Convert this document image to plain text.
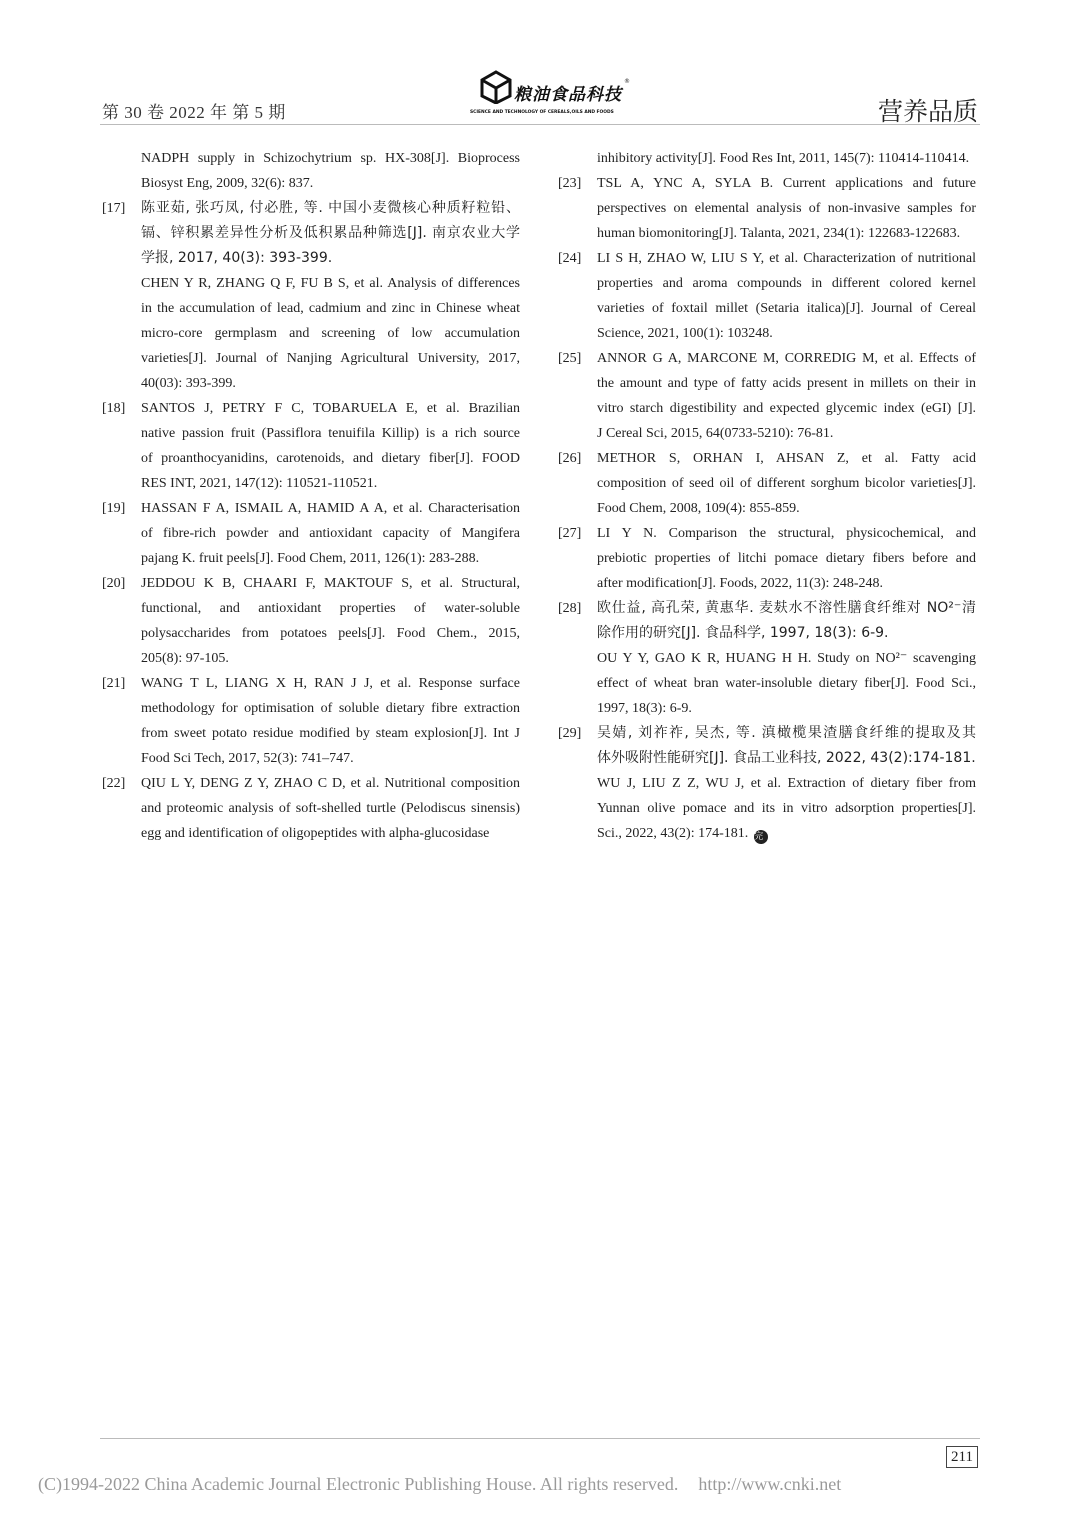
第 30 卷 2022 年 第 5 期
粮油食品科技
®
SCIENCE AND TECHNOLOGY OF CEREALS,OILS AND FOODS	营养品质
NADPH supply in Schizochytrium sp. HX-308[J]. Bioprocess
Biosyst Eng, 2009, 32(6): 837.
[17] 陈亚茹, 张巧凤, 付必胜, 等. 中国小麦微核心种质籽粒铅、
镉、锌积累差异性分析及低积累品种筛选[J]. 南京农业大学
学报, 2017, 40(3): 393-399.
CHEN Y R, ZHANG Q F, FU B S, et al. Analysis of differences
in the accumulation of lead, cadmium and zinc in Chinese wheat
micro-core germplasm and screening of low accumulation
varieties[J]. Journal of Nanjing Agricultural University, 2017,
40(03): 393-399.
[18] SANTOS J, PETRY F C, TOBARUELA E, et al. Brazilian
native passion fruit (Passiflora tenuifila Killip) is a rich source
of proanthocyanidins, carotenoids, and dietary fiber[J]. FOOD
RES INT, 2021, 147(12): 110521-110521.
[19] HASSAN F A, ISMAIL A, HAMID A A, et al. Characterisation
of fibre-rich powder and antioxidant capacity of Mangifera
pajang K. fruit peels[J]. Food Chem, 2011, 126(1): 283-288.
[20] JEDDOU K B, CHAARI F, MAKTOUF S, et al. Structural,
functional, and antioxidant properties of water-soluble
polysaccharides from potatoes peels[J]. Food Chem., 2015,
205(8): 97-105.
[21] WANG T L, LIANG X H, RAN J J, et al. Response surface
methodology for optimisation of soluble dietary fibre extraction
from sweet potato residue modified by steam explosion[J]. Int J
Food Sci Tech, 2017, 52(3): 741–747.
[22] QIU L Y, DENG Z Y, ZHAO C D, et al. Nutritional composition
and proteomic analysis of soft-shelled turtle (Pelodiscus sinensis)
egg and identification of oligopeptides with alpha-glucosidase
inhibitory activity[J]. Food Res Int, 2011, 145(7): 110414-110414.
[23] TSL A, YNC A, SYLA B. Current applications and future
perspectives on elemental analysis of non-invasive samples for
human biomonitoring[J]. Talanta, 2021, 234(1): 122683-122683.
[24] LI S H, ZHAO W, LIU S Y, et al. Characterization of nutritional
properties and aroma compounds in different colored kernel
varieties of foxtail millet (Setaria italica)[J]. Journal of Cereal
Science, 2021, 100(1): 103248.
[25] ANNOR G A, MARCONE M, CORREDIG M, et al. Effects of
the amount and type of fatty acids present in millets on their in
vitro starch digestibility and expected glycemic index (eGI) [J].
J Cereal Sci, 2015, 64(0733-5210): 76-81.
[26] METHOR S, ORHAN I, AHSAN Z, et al. Fatty acid
composition of seed oil of different sorghum bicolor varieties[J].
Food Chem, 2008, 109(4): 855-859.
[27] LI Y N. Comparison the structural, physicochemical, and
prebiotic properties of litchi pomace dietary fibers before and
after modification[J]. Foods, 2022, 11(3): 248-248.
[28] 欧仕益, 高孔荣, 黄惠华. 麦麸水不溶性膳食纤维对 NO²⁻清
除作用的研究[J]. 食品科学, 1997, 18(3): 6-9.
OU Y Y, GAO K R, HUANG H H. Study on NO²⁻ scavenging
effect of wheat bran water-insoluble dietary fiber[J]. Food Sci.,
1997, 18(3): 6-9.
[29] 吴婧, 刘祚祚, 吴杰, 等. 滇橄榄果渣膳食纤维的提取及其
体外吸附性能研究[J]. 食品工业科技, 2022, 43(2):174-181.
WU J, LIU Z Z, WU J, et al. Extraction of dietary fiber from
Yunnan olive pomace and its in vitro adsorption properties[J].
Sci., 2022, 43(2): 174-181. 完
211
(C)1994-2022 China Academic Journal Electronic Publishing House. All rights reserved. http://www.cnki.net
